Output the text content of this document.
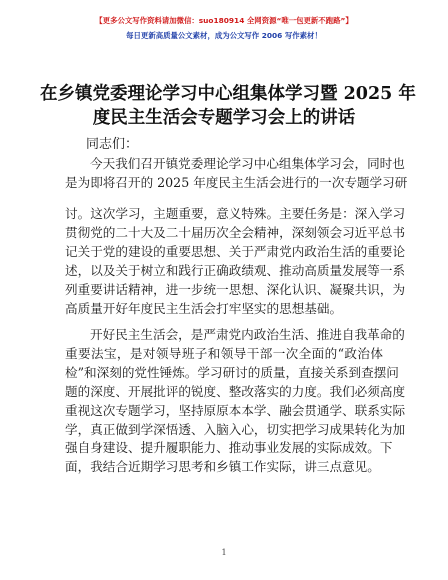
【更多公文写作资料请加微信：suo180914 全网资源“唯一包更新不跑路”】
每日更新高质量公文素材，成为公文写作 2006 写作素材！
在乡镇党委理论学习中心组集体学习暨 2025 年
度民主生活会专题学习会上的讲话
同志们：
今天我们召开镇党委理论学习中心组集体学习会，同时也
是为即将召开的 2025 年度民主生活会进行的一次专题学习研
讨。这次学习，主题重要，意义特殊。主要任务是：深入学习
贯彻党的二十大及二十届历次全会精神，深刻领会习近平总书
记关于党的建设的重要思想、关于严肃党内政治生活的重要论
述，以及关于树立和践行正确政绩观、推动高质量发展等一系
列重要讲话精神，进一步统一思想、深化认识、凝聚共识，为
高质量开好年度民主生活会打牢坚实的思想基础。
开好民主生活会，是严肃党内政治生活、推进自我革命的
重要法宝，是对领导班子和领导干部一次全面的“政治体
检”和深刻的党性锤炼。学习研讨的质量，直接关系到查摆问
题的深度、开展批评的锐度、整改落实的力度。我们必须高度
重视这次专题学习，坚持原原本本学、融会贯通学、联系实际
学，真正做到学深悟透、入脑入心，切实把学习成果转化为加
强自身建设、提升履职能力、推动事业发展的实际成效。下
面，我结合近期学习思考和乡镇工作实际，讲三点意见。
1
